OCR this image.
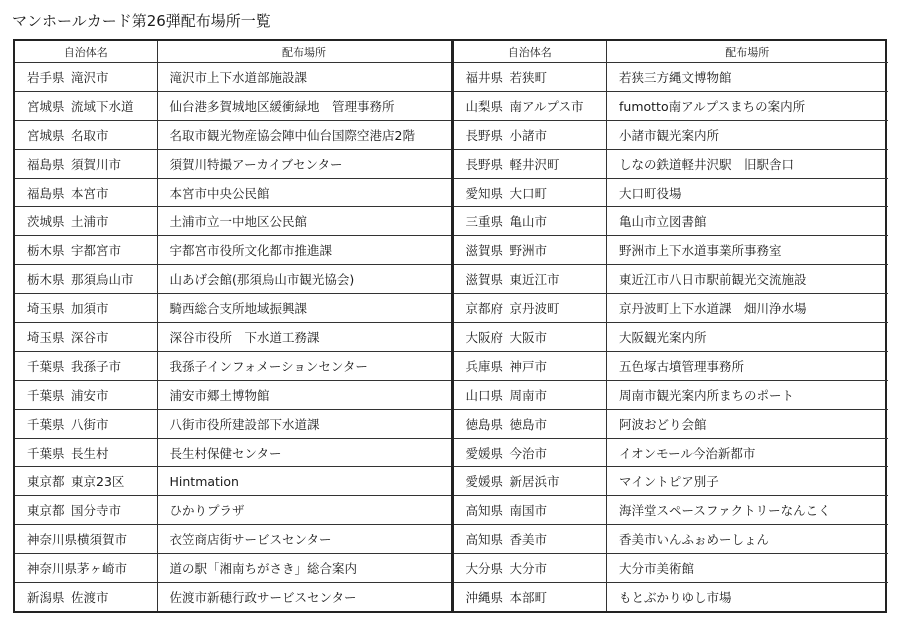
マンホールカード第26弾配布場所一覧
自治体名	配布場所
岩手県 滝沢市	滝沢市上下水道部施設課
宮城県 流域下水道	仙台港多賀城地区緩衝緑地　管理事務所
宮城県 名取市	名取市観光物産協会陣中仙台国際空港店2階
福島県 須賀川市	須賀川特撮アーカイブセンター
福島県 本宮市	本宮市中央公民館
茨城県 土浦市	土浦市立一中地区公民館
栃木県 宇都宮市	宇都宮市役所文化都市推進課
栃木県 那須烏山市	山あげ会館(那須烏山市観光協会)
埼玉県 加須市	騎西総合支所地域振興課
埼玉県 深谷市	深谷市役所　下水道工務課
千葉県 我孫子市	我孫子インフォメーションセンター
千葉県 浦安市	浦安市郷土博物館
千葉県 八街市	八街市役所建設部下水道課
千葉県 長生村	長生村保健センター
東京都 東京23区	Hintmation
東京都 国分寺市	ひかりプラザ
神奈川県横須賀市	衣笠商店街サービスセンター
神奈川県茅ヶ崎市	道の駅「湘南ちがさき」総合案内
新潟県 佐渡市	佐渡市新穂行政サービスセンター
自治体名	配布場所
福井県 若狭町	若狭三方縄文博物館
山梨県 南アルプス市	fumotto南アルプスまちの案内所
長野県 小諸市	小諸市観光案内所
長野県 軽井沢町	しなの鉄道軽井沢駅　旧駅舎口
愛知県 大口町	大口町役場
三重県 亀山市	亀山市立図書館
滋賀県 野洲市	野洲市上下水道事業所事務室
滋賀県 東近江市	東近江市八日市駅前観光交流施設
京都府 京丹波町	京丹波町上下水道課　畑川浄水場
大阪府 大阪市	大阪観光案内所
兵庫県 神戸市	五色塚古墳管理事務所
山口県 周南市	周南市観光案内所まちのポート
徳島県 徳島市	阿波おどり会館
愛媛県 今治市	イオンモール今治新都市
愛媛県 新居浜市	マイントピア別子
高知県 南国市	海洋堂スペースファクトリーなんこく
高知県 香美市	香美市いんふぉめーしょん
大分県 大分市	大分市美術館
沖縄県 本部町	もとぶかりゆし市場
